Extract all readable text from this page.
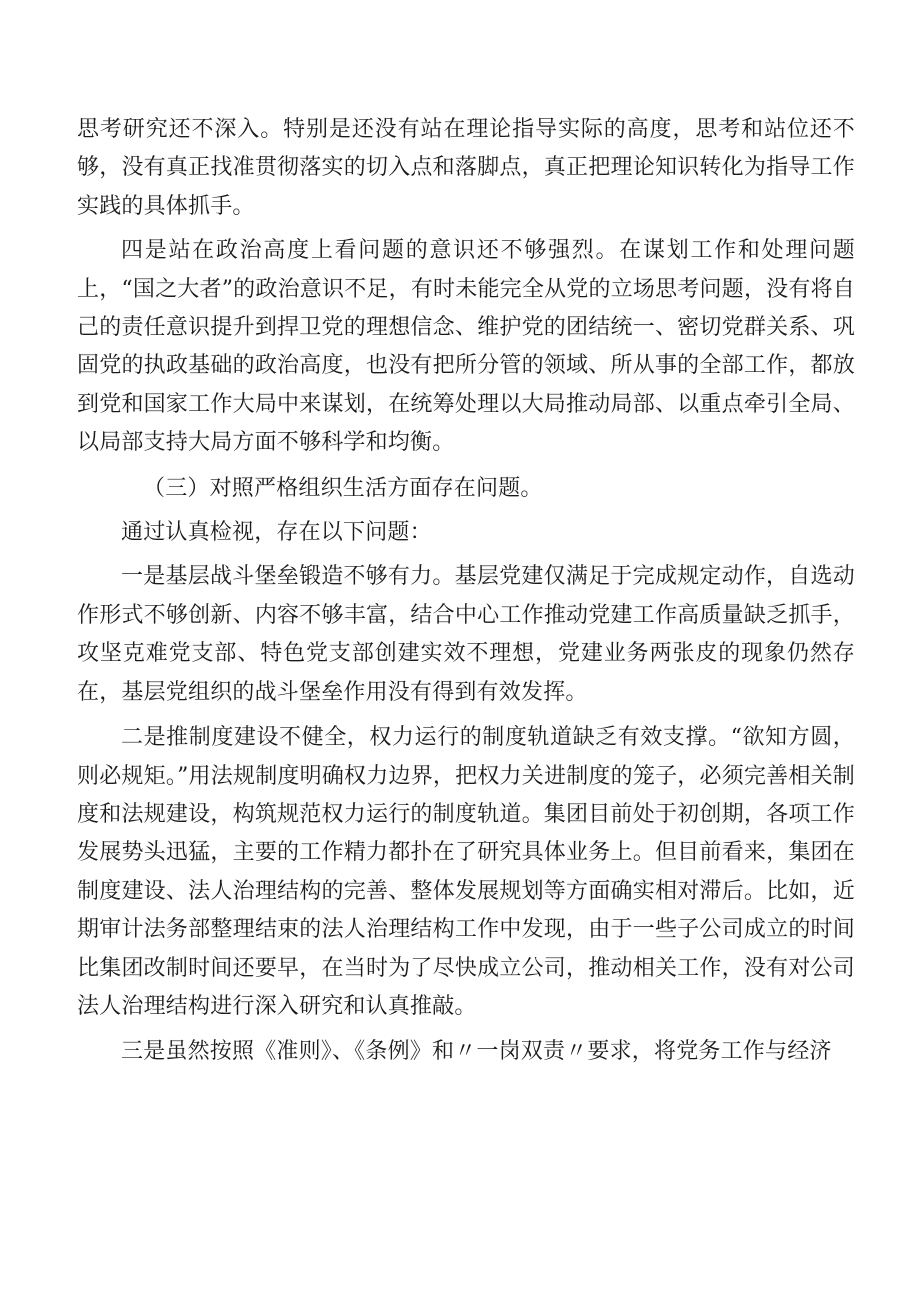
思考研究还不深入。特别是还没有站在理论指导实际的高度，思考和站位还不够，没有真正找准贯彻落实的切入点和落脚点，真正把理论知识转化为指导工作实践的具体抓手。

四是站在政治高度上看问题的意识还不够强烈。在谋划工作和处理问题上，“国之大者”的政治意识不足，有时未能完全从党的立场思考问题，没有将自己的责任意识提升到捍卫党的理想信念、维护党的团结统一、密切党群关系、巩固党的执政基础的政治高度，也没有把所分管的领域、所从事的全部工作，都放到党和国家工作大局中来谋划，在统筹处理以大局推动局部、以重点牵引全局、以局部支持大局方面不够科学和均衡。

（三）对照严格组织生活方面存在问题。

通过认真检视，存在以下问题：

一是基层战斗堡垒锻造不够有力。基层党建仅满足于完成规定动作，自选动作形式不够创新、内容不够丰富，结合中心工作推动党建工作高质量缺乏抓手，攻坚克难党支部、特色党支部创建实效不理想，党建业务两张皮的现象仍然存在，基层党组织的战斗堡垒作用没有得到有效发挥。

二是推制度建设不健全，权力运行的制度轨道缺乏有效支撑。“欲知方圆，则必规矩。”用法规制度明确权力边界，把权力关进制度的笼子，必须完善相关制度和法规建设，构筑规范权力运行的制度轨道。集团目前处于初创期，各项工作发展势头迅猛，主要的工作精力都扑在了研究具体业务上。但目前看来，集团在制度建设、法人治理结构的完善、整体发展规划等方面确实相对滞后。比如，近期审计法务部整理结束的法人治理结构工作中发现，由于一些子公司成立的时间比集团改制时间还要早，在当时为了尽快成立公司，推动相关工作，没有对公司法人治理结构进行深入研究和认真推敲。

三是虽然按照《准则》、《条例》和〃一岗双责〃要求，将党务工作与经济
